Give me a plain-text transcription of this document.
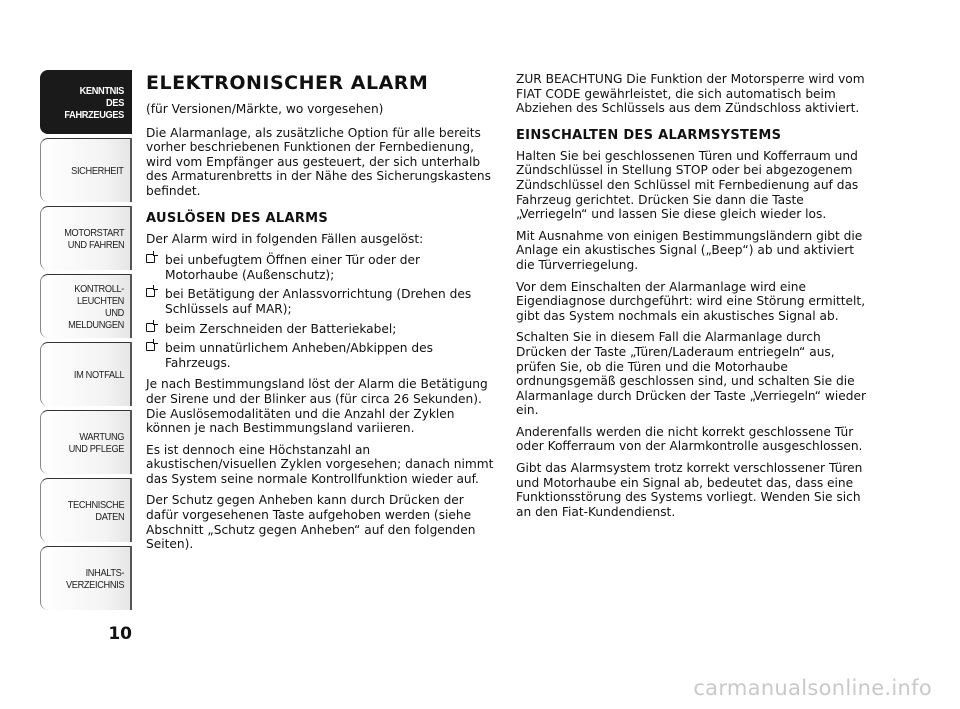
KENNTNIS
DES FAHRZEUGES
SICHERHEIT
MOTORSTART
UND FAHREN
KONTROLL-
LEUCHTEN
UND MELDUNGEN
IM NOTFALL
WARTUNG
UND PFLEGE
TECHNISCHE
DATEN
INHALTS-
VERZEICHNIS
10
ELEKTRONISCHER ALARM

(für Versionen/Märkte, wo vorgesehen)

Die Alarmanlage, als zusätzliche Option für alle bereits vorher beschriebenen Funktionen der Fernbedienung, wird vom Empfänger aus gesteuert, der sich unterhalb des Armaturenbretts in der Nähe des Sicherungskastens befindet.

AUSLÖSEN DES ALARMS

Der Alarm wird in folgenden Fällen ausgelöst:

bei unbefugtem Öffnen einer Tür oder der Motorhaube (Außenschutz);
bei Betätigung der Anlassvorrichtung (Drehen des Schlüssels auf MAR);
beim Zerschneiden der Batteriekabel;
beim unnatürlichem Anheben/Abkippen des Fahrzeugs.

Je nach Bestimmungsland löst der Alarm die Betätigung der Sirene und der Blinker aus (für circa 26 Sekunden). Die Auslösemodalitäten und die Anzahl der Zyklen können je nach Bestimmungsland variieren.

Es ist dennoch eine Höchstanzahl an akustischen/visuellen Zyklen vorgesehen; danach nimmt das System seine normale Kontrollfunktion wieder auf.

Der Schutz gegen Anheben kann durch Drücken der dafür vorgesehenen Taste aufgehoben werden (siehe Abschnitt „Schutz gegen Anheben“ auf den folgenden Seiten).

ZUR BEACHTUNG Die Funktion der Motorsperre wird vom FIAT CODE gewährleistet, die sich automatisch beim Abziehen des Schlüssels aus dem Zündschloss aktiviert.

EINSCHALTEN DES ALARMSYSTEMS

Halten Sie bei geschlossenen Türen und Kofferraum und Zündschlüssel in Stellung STOP oder bei abgezogenem Zündschlüssel den Schlüssel mit Fernbedienung auf das Fahrzeug gerichtet. Drücken Sie dann die Taste „Verriegeln“ und lassen Sie diese gleich wieder los.

Mit Ausnahme von einigen Bestimmungsländern gibt die Anlage ein akustisches Signal („Beep“) ab und aktiviert die Türverriegelung.

Vor dem Einschalten der Alarmanlage wird eine Eigendiagnose durchgeführt: wird eine Störung ermittelt, gibt das System nochmals ein akustisches Signal ab.

Schalten Sie in diesem Fall die Alarmanlage durch Drücken der Taste „Türen/Laderaum entriegeln“ aus, prüfen Sie, ob die Türen und die Motorhaube ordnungsgemäß geschlossen sind, und schalten Sie die Alarmanlage durch Drücken der Taste „Verriegeln“ wieder ein.

Anderenfalls werden die nicht korrekt geschlossene Tür oder Kofferraum von der Alarmkontrolle ausgeschlossen.

Gibt das Alarmsystem trotz korrekt verschlossener Türen und Motorhaube ein Signal ab, bedeutet das, dass eine Funktionsstörung des Systems vorliegt. Wenden Sie sich an den Fiat-Kundendienst.

carmanualsonline.info
